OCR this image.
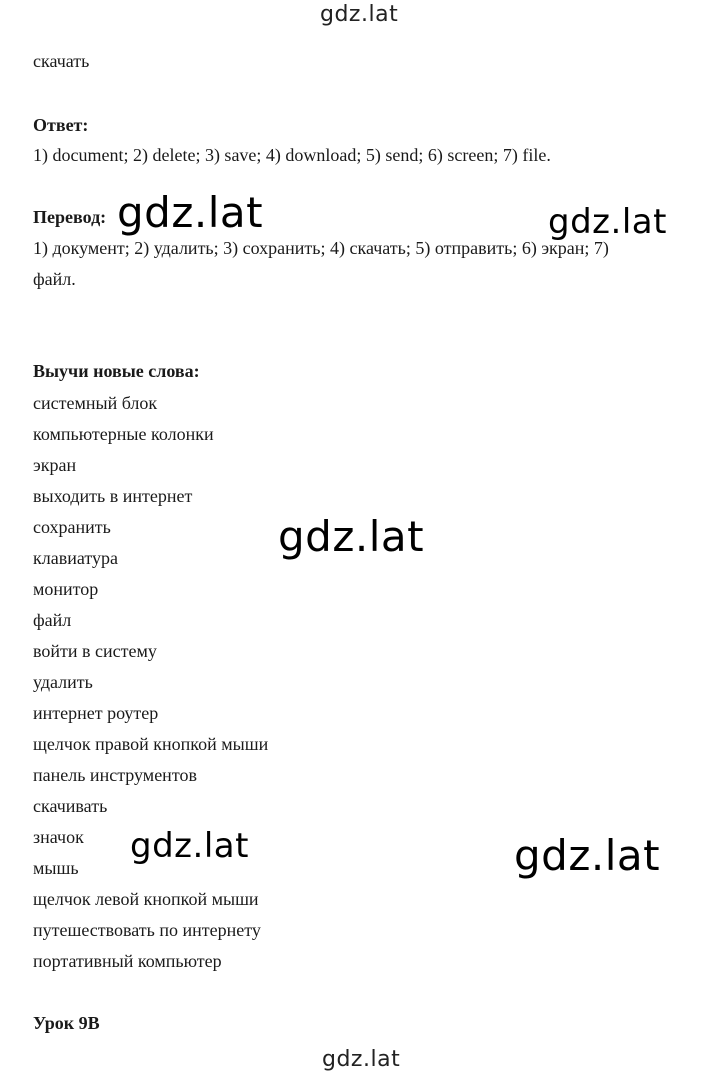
gdz.lat
gdz.lat	gdz.lat
gdz.lat
gdz.lat	gdz.lat
gdz.lat
скачать
Ответ:
1) document; 2) delete; 3) save; 4) download; 5) send; 6) screen; 7) file.
Перевод:
1) документ; 2) удалить; 3) сохранить; 4) скачать; 5) отправить; 6) экран; 7)
файл.
Выучи новые слова:
системный блок
компьютерные колонки
экран
выходить в интернет
сохранить
клавиатура
монитор
файл
войти в систему
удалить
интернет роутер
щелчок правой кнопкой мыши
панель инструментов
скачивать
значок
мышь
щелчок левой кнопкой мыши
путешествовать по интернету
портативный компьютер
Урок 9B
